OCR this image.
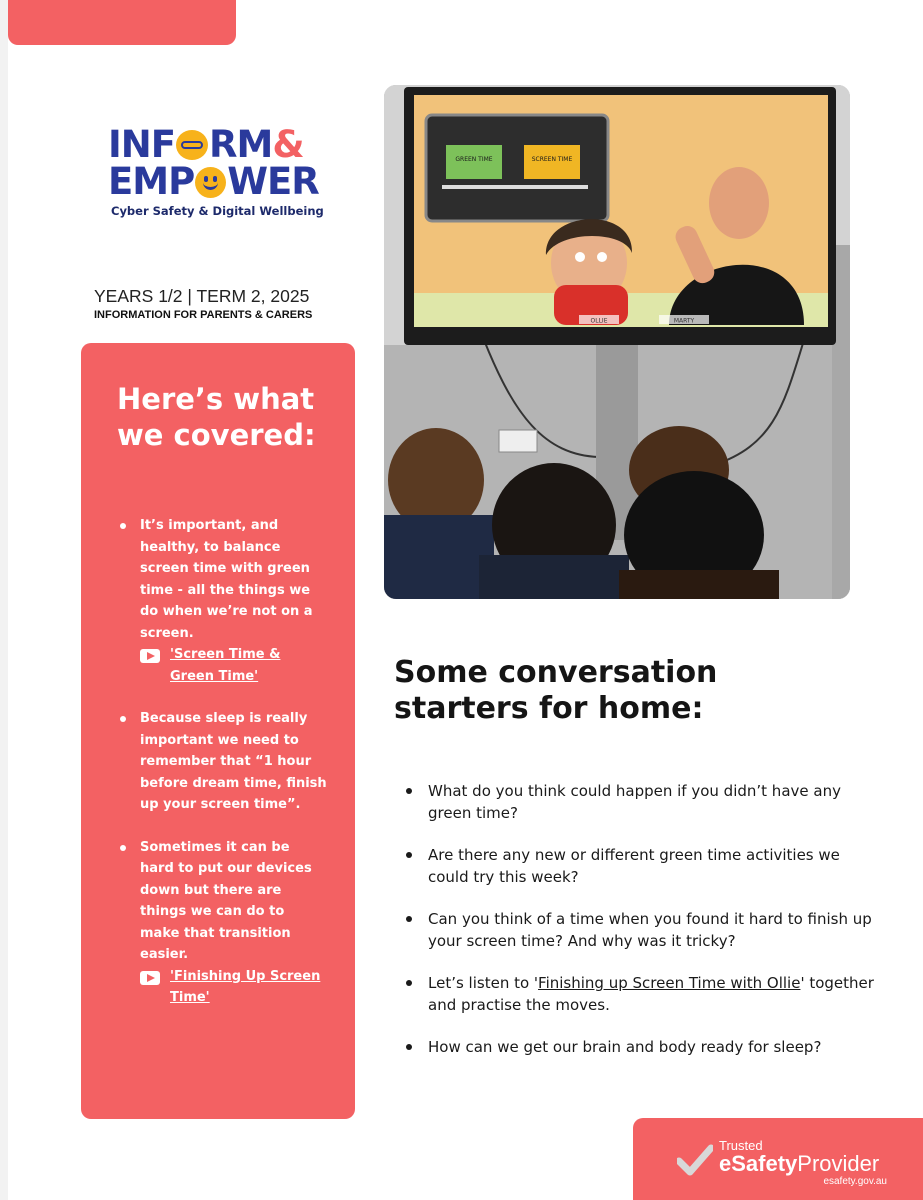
INF RM&
EMP WER
Cyber Safety & Digital Wellbeing
YEARS 1/2 | TERM 2, 2025
INFORMATION FOR PARENTS & CARERS
Here’s what we covered:
It’s important, and healthy, to balance screen time with green time - all the things we do when we’re not on a screen.
'Screen Time & Green Time'
Because sleep is really important we need to remember that “1 hour before dream time, finish up your screen time”.
Sometimes it can be hard to put our devices down but there are things we can do to make that transition easier.
'Finishing Up Screen Time'
GREEN TIME	SCREEN TIME
OLLIE	MARTY
Some conversation starters for home:
What do you think could happen if you didn’t have any green time?
Are there any new or different green time activities we could try this week?
Can you think of a time when you found it hard to finish up your screen time? And why was it tricky?
Let’s listen to 'Finishing up Screen Time with Ollie' together and practise the moves.
How can we get our brain and body ready for sleep?
Trusted
eSafetyProvider
esafety.gov.au
